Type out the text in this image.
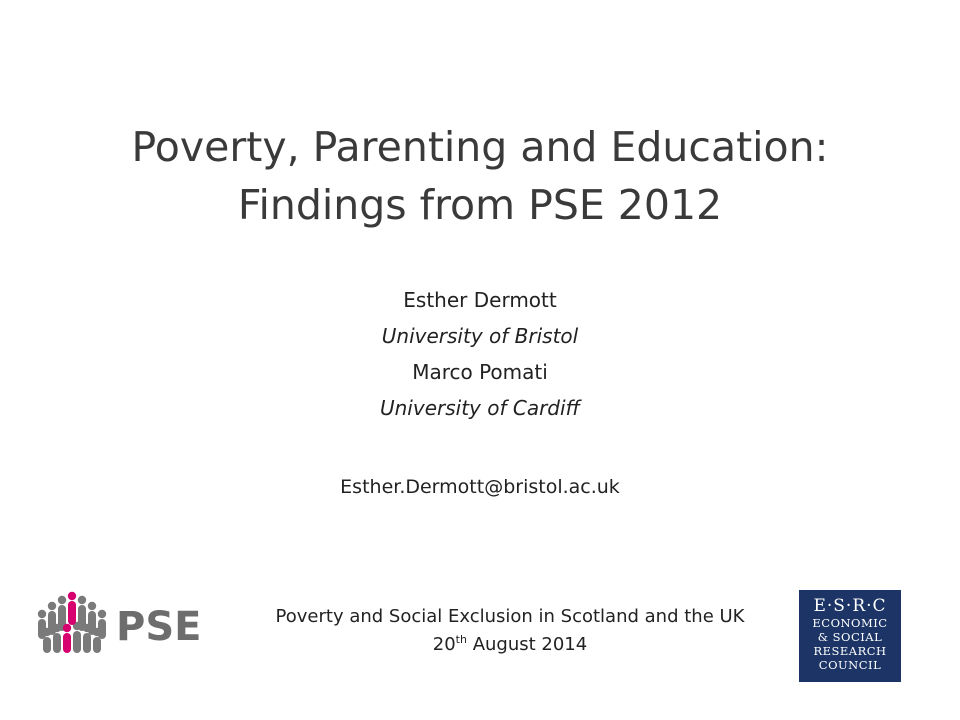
Poverty, Parenting and Education:
Findings from PSE 2012
Esther Dermott
University of Bristol
Marco Pomati
University of Cardiff
Esther.Dermott@bristol.ac.uk
PSE	Poverty and Social Exclusion in Scotland and the UK
20th August 2014
E·S·R·C
ECONOMIC
& SOCIAL
RESEARCH
COUNCIL
